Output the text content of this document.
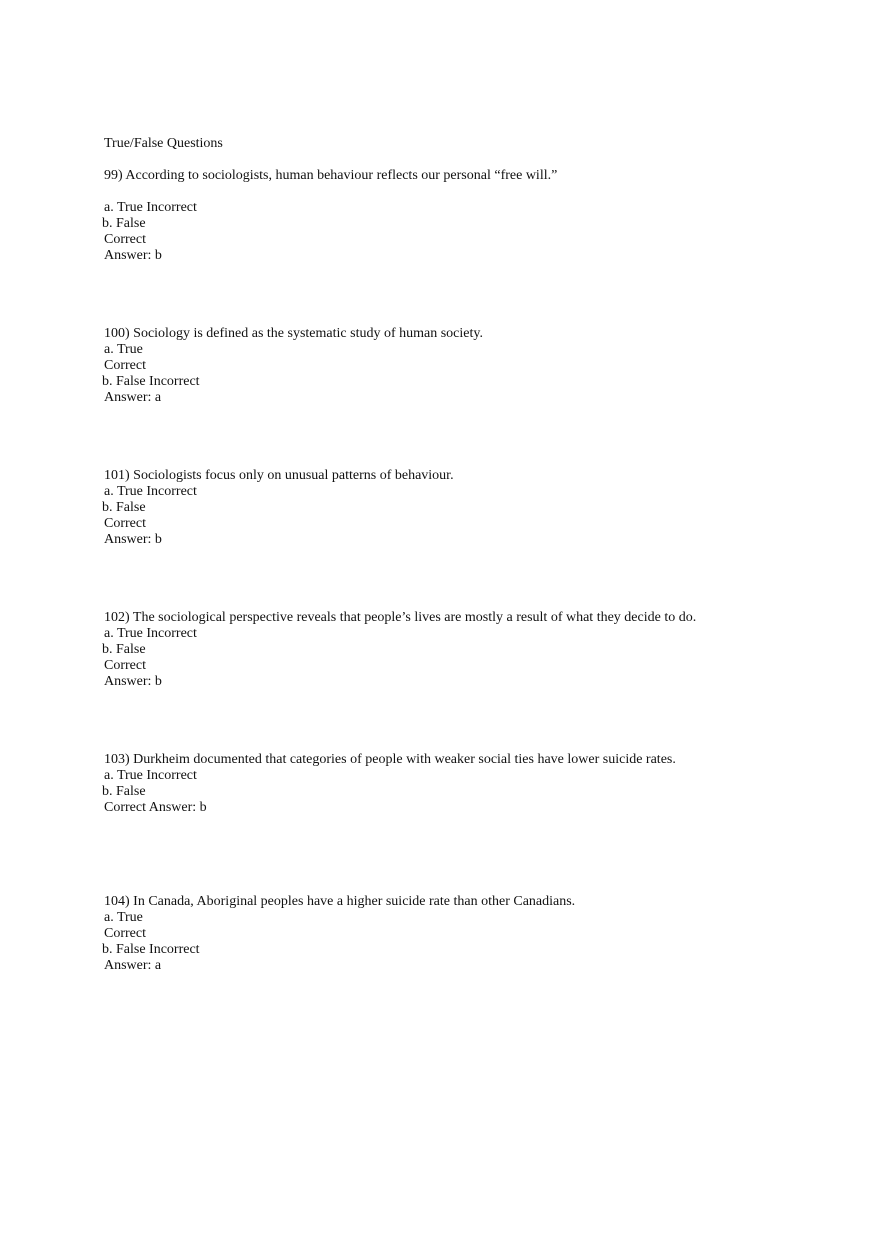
True/False Questions
99) According to sociologists, human behaviour reflects our personal “free will.”
a. True Incorrect
b. False
Correct
Answer: b
100) Sociology is defined as the systematic study of human society.
a. True
Correct
b. False Incorrect
Answer: a
101) Sociologists focus only on unusual patterns of behaviour.
a. True Incorrect
b. False
Correct
Answer: b
102) The sociological perspective reveals that people’s lives are mostly a result of what they decide to do.
a. True Incorrect
b. False
Correct
Answer: b
103) Durkheim documented that categories of people with weaker social ties have lower suicide rates.
a. True Incorrect
b. False
Correct Answer: b
104) In Canada, Aboriginal peoples have a higher suicide rate than other Canadians.
a. True
Correct
b. False Incorrect
Answer: a
